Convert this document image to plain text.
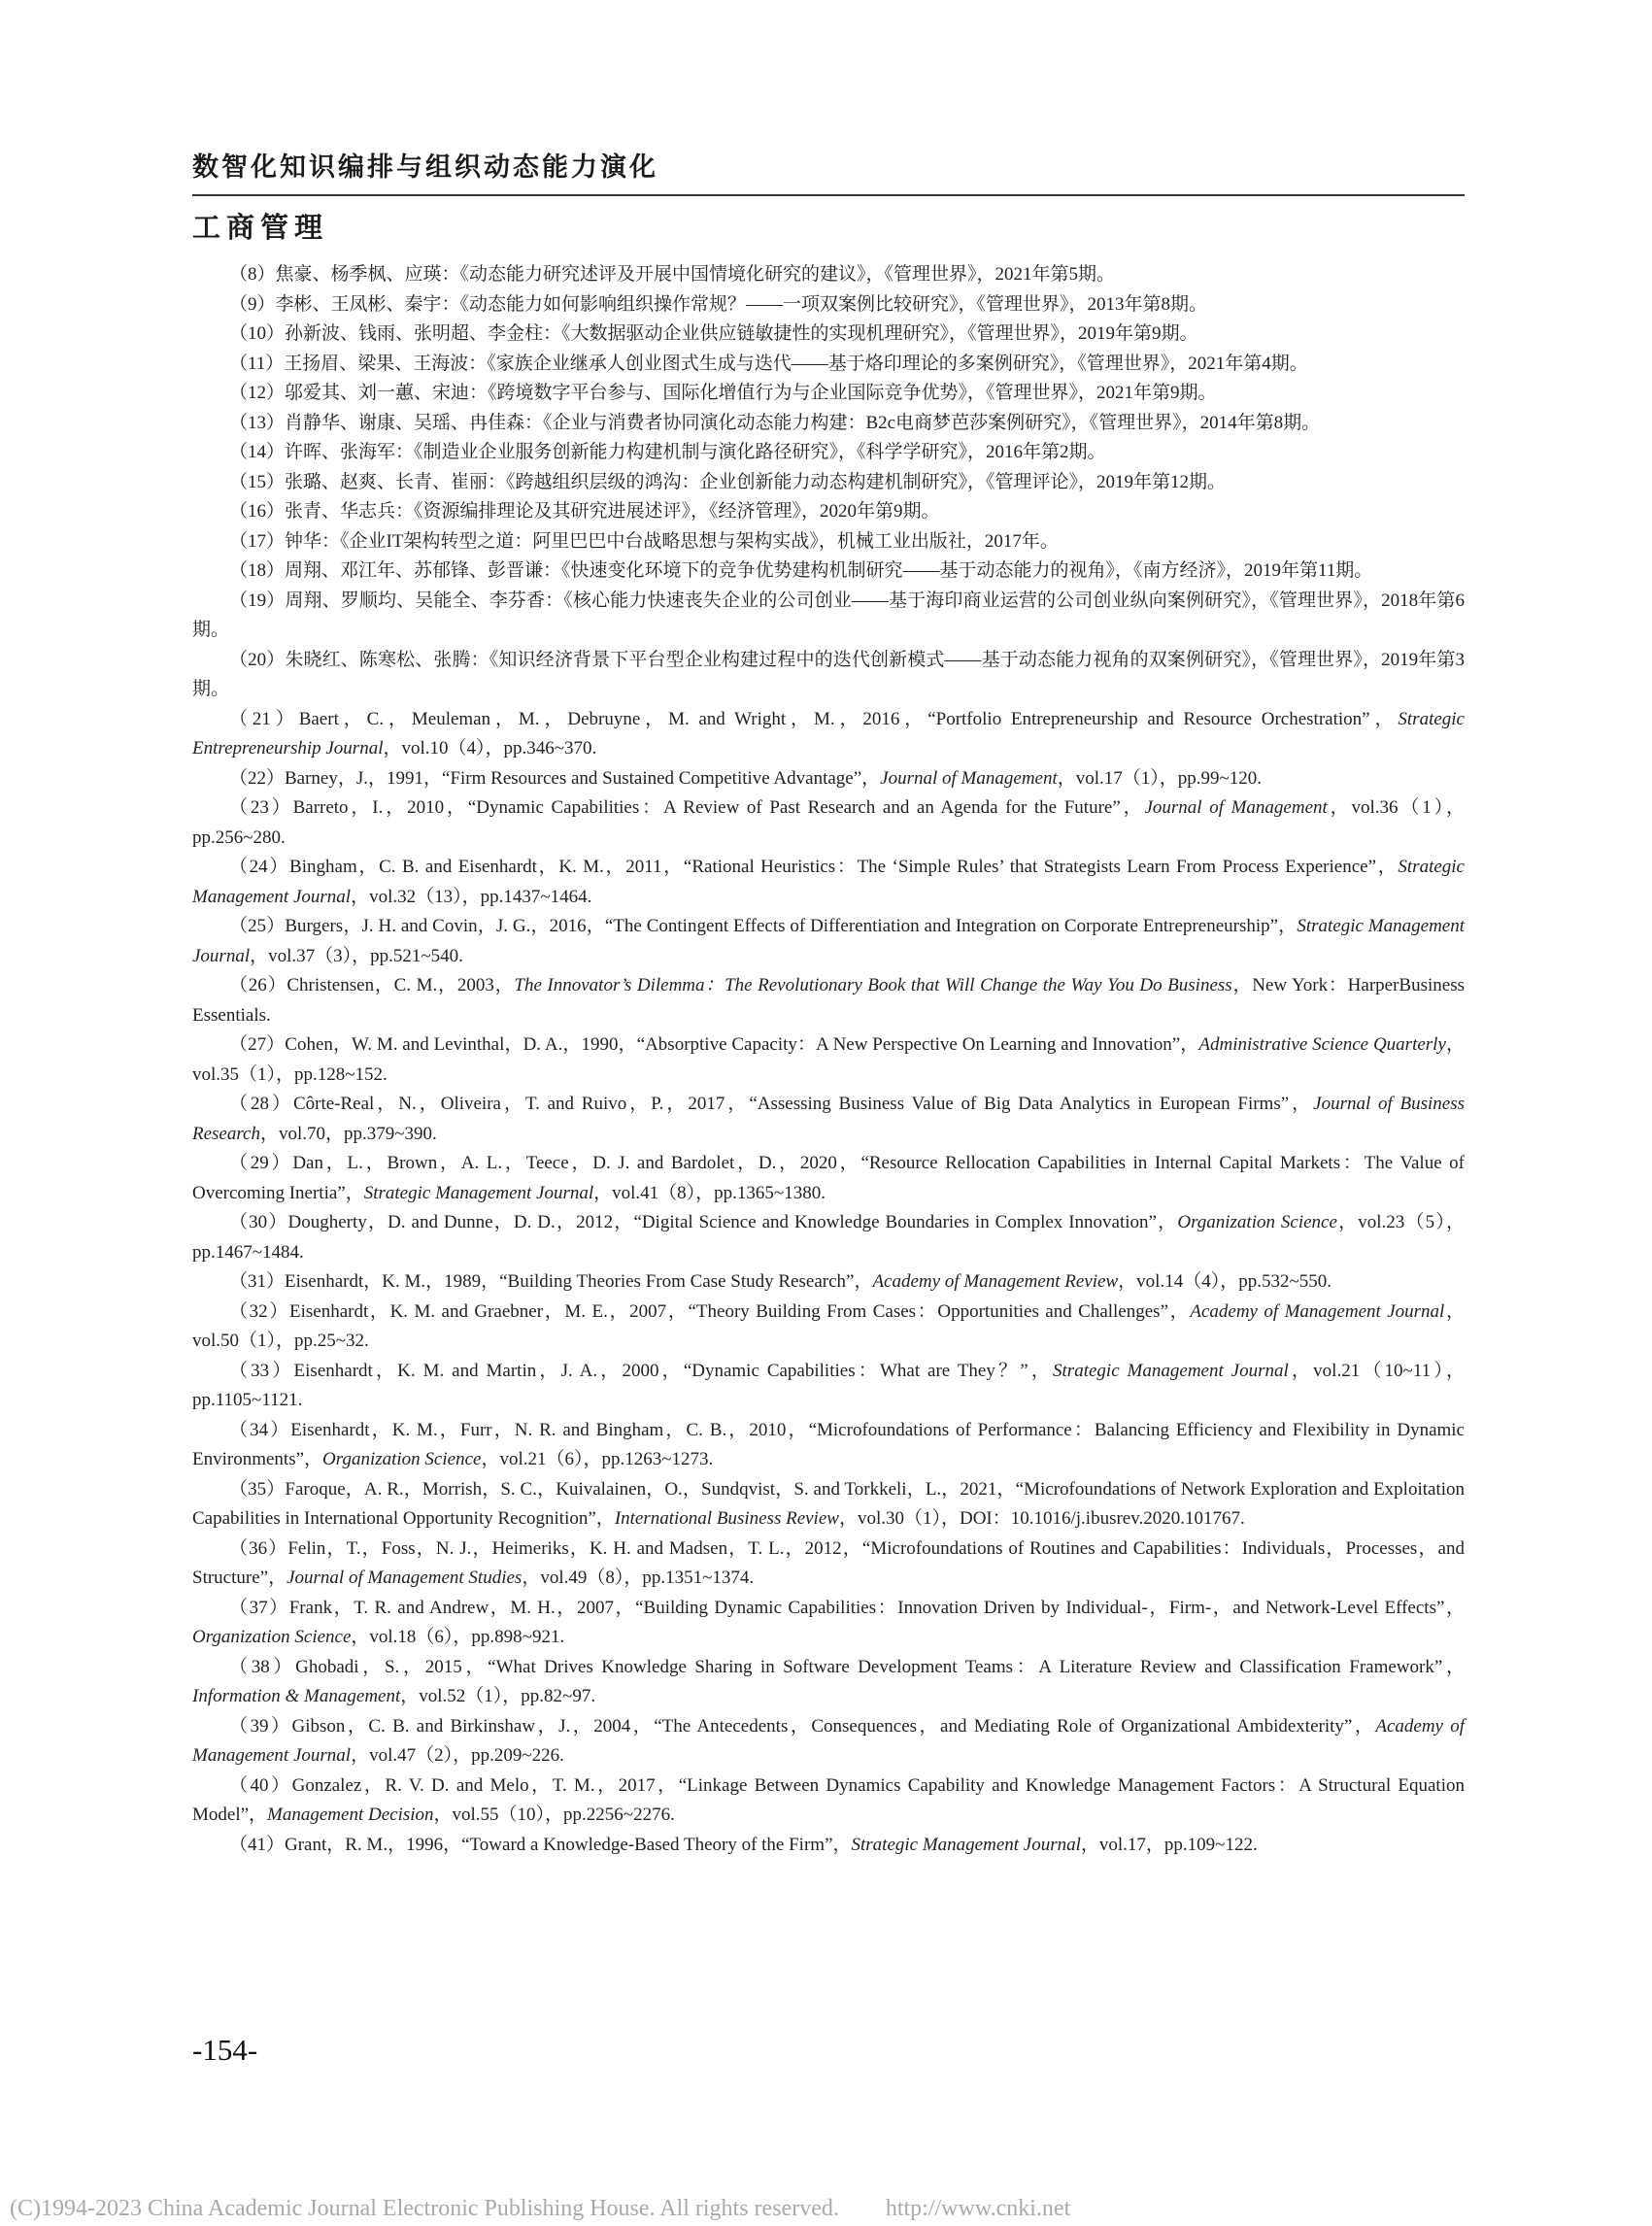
数智化知识编排与组织动态能力演化
工商管理

（8）焦豪、杨季枫、应瑛：《动态能力研究述评及开展中国情境化研究的建议》，《管理世界》，2021年第5期。

（9）李彬、王凤彬、秦宇：《动态能力如何影响组织操作常规？——一项双案例比较研究》，《管理世界》，2013年第8期。

（10）孙新波、钱雨、张明超、李金柱：《大数据驱动企业供应链敏捷性的实现机理研究》，《管理世界》，2019年第9期。

（11）王扬眉、梁果、王海波：《家族企业继承人创业图式生成与迭代——基于烙印理论的多案例研究》，《管理世界》，2021年第4期。

（12）邬爱其、刘一蕙、宋迪：《跨境数字平台参与、国际化增值行为与企业国际竞争优势》，《管理世界》，2021年第9期。

（13）肖静华、谢康、吴瑶、冉佳森：《企业与消费者协同演化动态能力构建：B2c电商梦芭莎案例研究》，《管理世界》，2014年第8期。

（14）许晖、张海军：《制造业企业服务创新能力构建机制与演化路径研究》，《科学学研究》，2016年第2期。

（15）张璐、赵爽、长青、崔丽：《跨越组织层级的鸿沟：企业创新能力动态构建机制研究》，《管理评论》，2019年第12期。

（16）张青、华志兵：《资源编排理论及其研究进展述评》，《经济管理》，2020年第9期。

（17）钟华：《企业IT架构转型之道：阿里巴巴中台战略思想与架构实战》，机械工业出版社，2017年。

（18）周翔、邓江年、苏郁锋、彭晋谦：《快速变化环境下的竞争优势建构机制研究——基于动态能力的视角》，《南方经济》，2019年第11期。

（19）周翔、罗顺均、吴能全、李芬香：《核心能力快速丧失企业的公司创业——基于海印商业运营的公司创业纵向案例研究》，《管理世界》，2018年第6期。

（20）朱晓红、陈寒松、张腾：《知识经济背景下平台型企业构建过程中的迭代创新模式——基于动态能力视角的双案例研究》，《管理世界》，2019年第3期。

（21）Baert，C.，Meuleman，M.，Debruyne，M. and Wright，M.，2016，“Portfolio Entrepreneurship and Resource Orchestration”，Strategic Entrepreneurship Journal，vol.10（4），pp.346~370.

（22）Barney，J.，1991，“Firm Resources and Sustained Competitive Advantage”，Journal of Management，vol.17（1），pp.99~120.

（23）Barreto，I.，2010，“Dynamic Capabilities：A Review of Past Research and an Agenda for the Future”，Journal of Management，vol.36（1），pp.256~280.

（24）Bingham，C. B. and Eisenhardt，K. M.，2011，“Rational Heuristics：The ‘Simple Rules’ that Strategists Learn From Process Experience”，Strategic Management Journal，vol.32（13），pp.1437~1464.

（25）Burgers，J. H. and Covin，J. G.，2016，“The Contingent Effects of Differentiation and Integration on Corporate Entrepreneurship”，Strategic Management Journal，vol.37（3），pp.521~540.

（26）Christensen，C. M.，2003，The Innovator’s Dilemma：The Revolutionary Book that Will Change the Way You Do Business，New York：HarperBusiness Essentials.

（27）Cohen，W. M. and Levinthal，D. A.，1990，“Absorptive Capacity：A New Perspective On Learning and Innovation”，Administrative Science Quarterly，vol.35（1），pp.128~152.

（28）Côrte-Real，N.，Oliveira，T. and Ruivo，P.，2017，“Assessing Business Value of Big Data Analytics in European Firms”，Journal of Business Research，vol.70，pp.379~390.

（29）Dan，L.，Brown，A. L.，Teece，D. J. and Bardolet，D.，2020，“Resource Rellocation Capabilities in Internal Capital Markets：The Value of Overcoming Inertia”，Strategic Management Journal，vol.41（8），pp.1365~1380.

（30）Dougherty，D. and Dunne，D. D.，2012，“Digital Science and Knowledge Boundaries in Complex Innovation”，Organization Science，vol.23（5），pp.1467~1484.

（31）Eisenhardt，K. M.，1989，“Building Theories From Case Study Research”，Academy of Management Review，vol.14（4），pp.532~550.

（32）Eisenhardt，K. M. and Graebner，M. E.，2007，“Theory Building From Cases：Opportunities and Challenges”，Academy of Management Journal，vol.50（1），pp.25~32.

（33）Eisenhardt，K. M. and Martin，J. A.，2000，“Dynamic Capabilities：What are They？”，Strategic Management Journal，vol.21（10~11），pp.1105~1121.

（34）Eisenhardt，K. M.，Furr，N. R. and Bingham，C. B.，2010，“Microfoundations of Performance：Balancing Efficiency and Flexibility in Dynamic Environments”，Organization Science，vol.21（6），pp.1263~1273.

（35）Faroque，A. R.，Morrish，S. C.，Kuivalainen，O.，Sundqvist，S. and Torkkeli，L.，2021，“Microfoundations of Network Exploration and Exploitation Capabilities in International Opportunity Recognition”，International Business Review，vol.30（1），DOI：10.1016/j.ibusrev.2020.101767.

（36）Felin，T.，Foss，N. J.，Heimeriks，K. H. and Madsen，T. L.，2012，“Microfoundations of Routines and Capabilities：Individuals，Processes，and Structure”，Journal of Management Studies，vol.49（8），pp.1351~1374.

（37）Frank，T. R. and Andrew，M. H.，2007，“Building Dynamic Capabilities：Innovation Driven by Individual-，Firm-，and Network-Level Effects”，Organization Science，vol.18（6），pp.898~921.

（38）Ghobadi，S.，2015，“What Drives Knowledge Sharing in Software Development Teams：A Literature Review and Classification Framework”，Information & Management，vol.52（1），pp.82~97.

（39）Gibson，C. B. and Birkinshaw，J.，2004，“The Antecedents，Consequences，and Mediating Role of Organizational Ambidexterity”，Academy of Management Journal，vol.47（2），pp.209~226.

（40）Gonzalez，R. V. D. and Melo，T. M.，2017，“Linkage Between Dynamics Capability and Knowledge Management Factors：A Structural Equation Model”，Management Decision，vol.55（10），pp.2256~2276.

（41）Grant，R. M.，1996，“Toward a Knowledge-Based Theory of the Firm”，Strategic Management Journal，vol.17，pp.109~122.

-154-
(C)1994-2023 China Academic Journal Electronic Publishing House. All rights reserved.　　http://www.cnki.net
